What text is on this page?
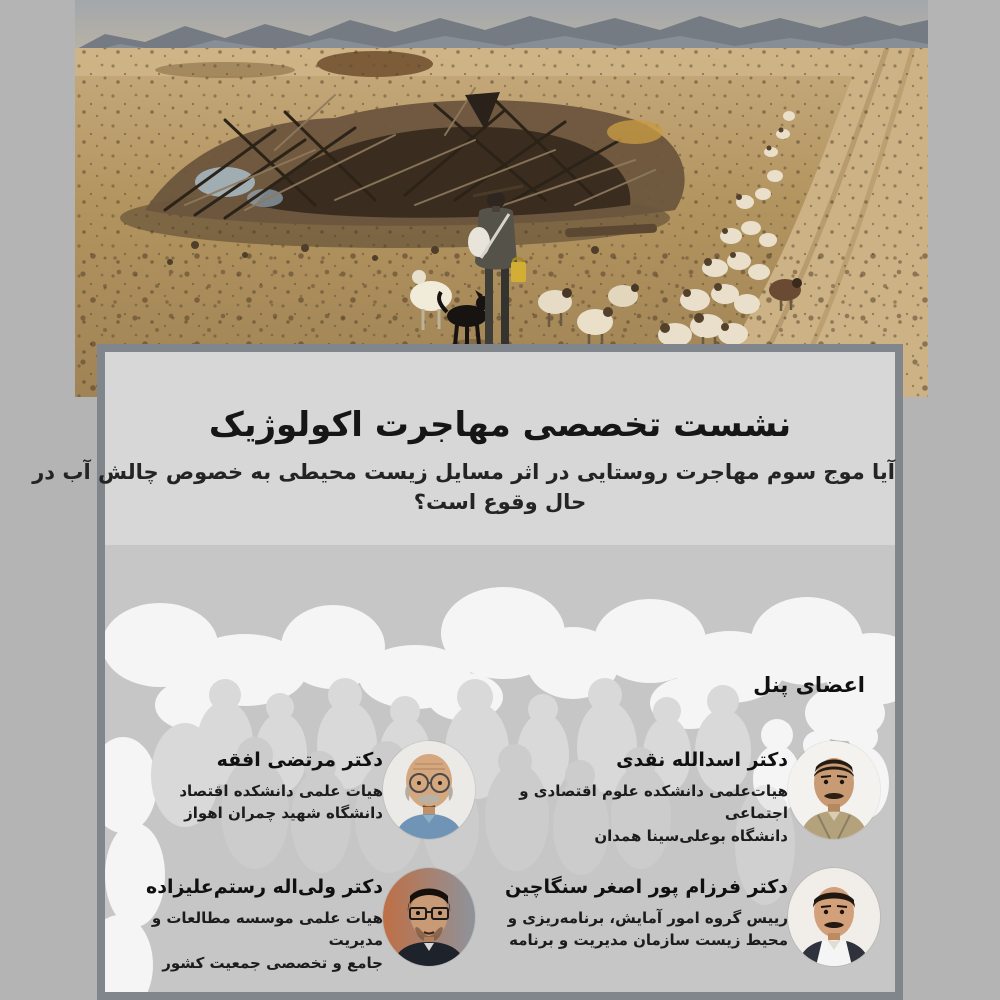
نشست تخصصی مهاجرت اکولوژیک
آیا موج سوم مهاجرت روستایی در اثر مسایل زیست محیطی به خصوص چالش آب در
حال وقوع است؟
اعضای پنل
دکتر اسدالله نقدی
هیات‌علمی دانشکده علوم اقتصادی و اجتماعی
دانشگاه بوعلی‌سینا همدان
دکتر مرتضی افقه
هیات علمی دانشکده اقتصاد
دانشگاه شهید چمران اهواز
دکتر فرزام پور اصغر سنگاچین
رییس گروه امور آمایش، برنامه‌ریزی و
محیط زیست سازمان مدیریت و برنامه
دکتر ولی‌اله رستم‌علیزاده
هیات علمی موسسه مطالعات و مدیریت
جامع و تخصصی جمعیت کشور
